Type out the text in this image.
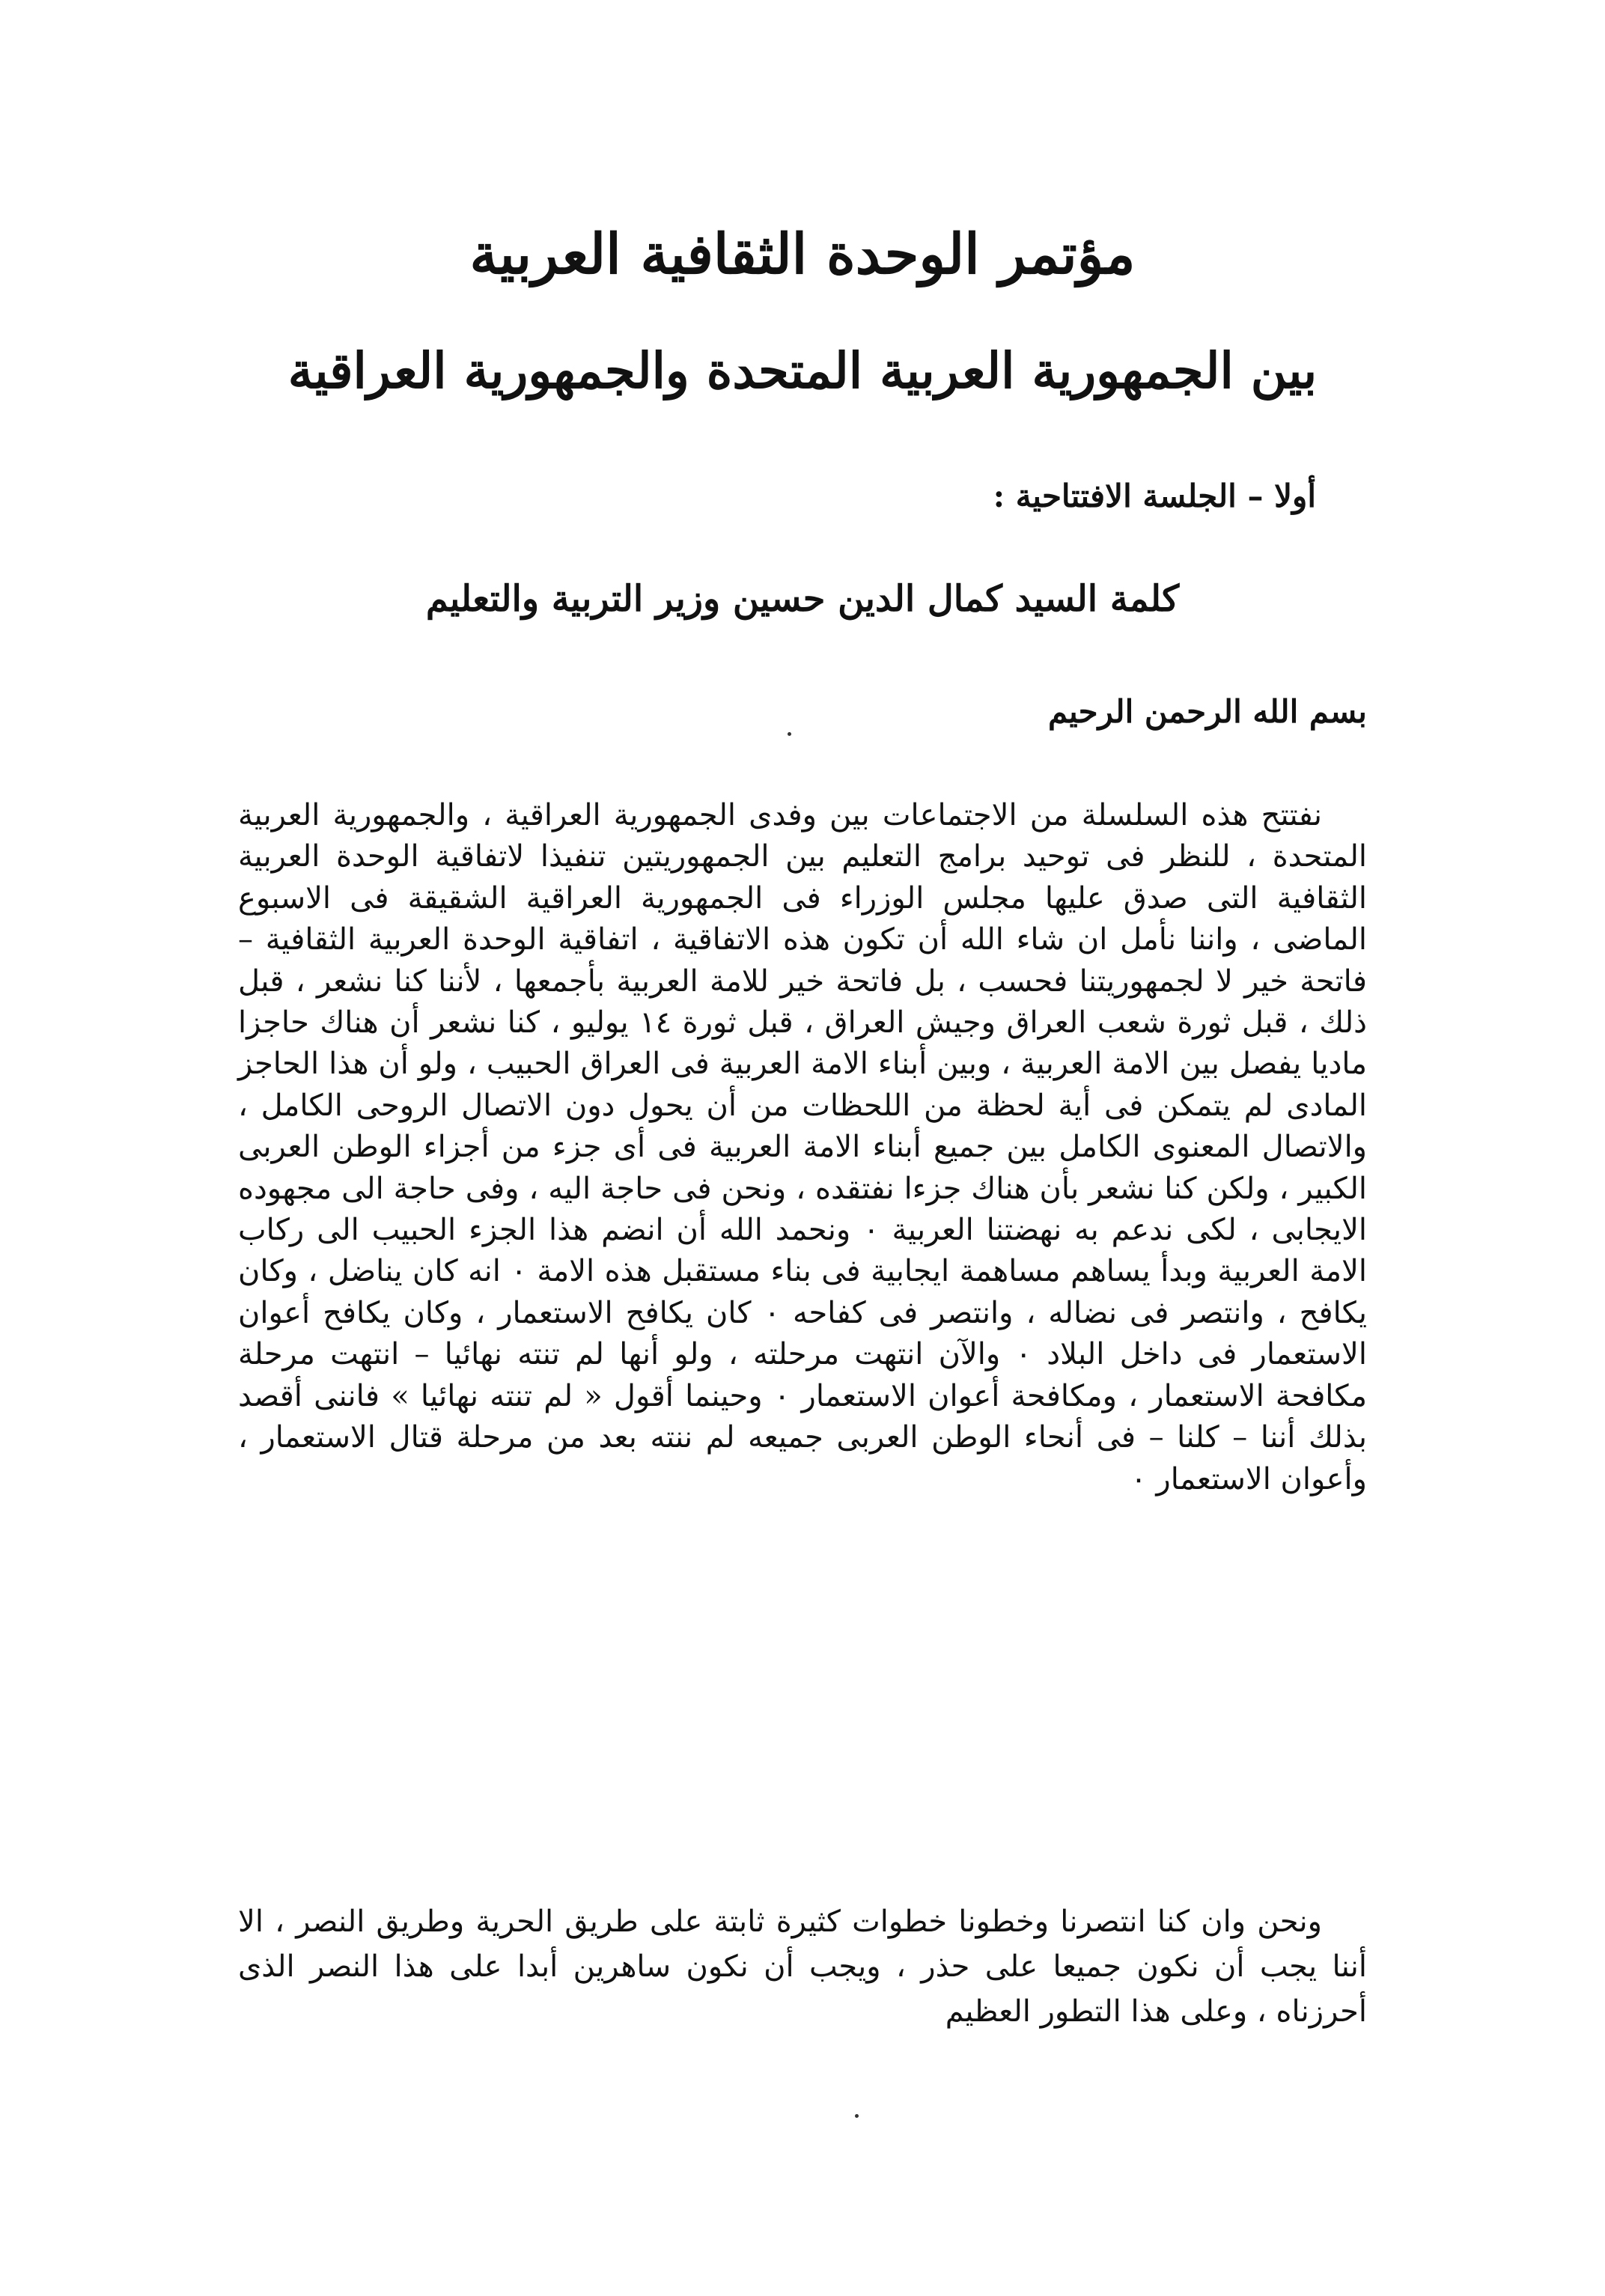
مؤتمر الوحدة الثقافية العربية
بين الجمهورية العربية المتحدة والجمهورية العراقية
أولا – الجلسة الافتتاحية :
كلمة السيد كمال الدين حسين وزير التربية والتعليم

بسم الله الرحمن الرحيم

نفتتح هذه السلسلة من الاجتماعات بين وفدى الجمهورية العراقية ، والجمهورية العربية المتحدة ، للنظر فى توحيد برامج التعليم بين الجمهوريتين تنفيذا لاتفاقية الوحدة العربية الثقافية التى صدق عليها مجلس الوزراء فى الجمهورية العراقية الشقيقة فى الاسبوع الماضى ، واننا نأمل ان شاء الله أن تكون هذه الاتفاقية ، اتفاقية الوحدة العربية الثقافية – فاتحة خير لا لجمهوريتنا فحسب ، بل فاتحة خير للامة العربية بأجمعها ، لأننا كنا نشعر ، قبل ذلك ، قبل ثورة شعب العراق وجيش العراق ، قبل ثورة ١٤ يوليو ، كنا نشعر أن هناك حاجزا ماديا يفصل بين الامة العربية ، وبين أبناء الامة العربية فى العراق الحبيب ، ولو أن هذا الحاجز المادى لم يتمكن فى أية لحظة من اللحظات من أن يحول دون الاتصال الروحى الكامل ، والاتصال المعنوى الكامل بين جميع أبناء الامة العربية فى أى جزء من أجزاء الوطن العربى الكبير ، ولكن كنا نشعر بأن هناك جزءا نفتقده ، ونحن فى حاجة اليه ، وفى حاجة الى مجهوده الايجابى ، لكى ندعم به نهضتنا العربية ٠ ونحمد الله أن انضم هذا الجزء الحبيب الى ركاب الامة العربية وبدأ يساهم مساهمة ايجابية فى بناء مستقبل هذه الامة ٠ انه كان يناضل ، وكان يكافح ، وانتصر فى نضاله ، وانتصر فى كفاحه ٠ كان يكافح الاستعمار ، وكان يكافح أعوان الاستعمار فى داخل البلاد ٠ والآن انتهت مرحلته ، ولو أنها لم تنته نهائيا – انتهت مرحلة مكافحة الاستعمار ، ومكافحة أعوان الاستعمار ٠ وحينما أقول « لم تنته نهائيا » فاننى أقصد بذلك أننا – كلنا – فى أنحاء الوطن العربى جميعه لم ننته بعد من مرحلة قتال الاستعمار ، وأعوان الاستعمار ٠

ونحن وان كنا انتصرنا وخطونا خطوات كثيرة ثابتة على طريق الحرية وطريق النصر ، الا أننا يجب أن نكون جميعا على حذر ، ويجب أن نكون ساهرين أبدا على هذا النصر الذى أحرزناه ، وعلى هذا التطور العظيم
